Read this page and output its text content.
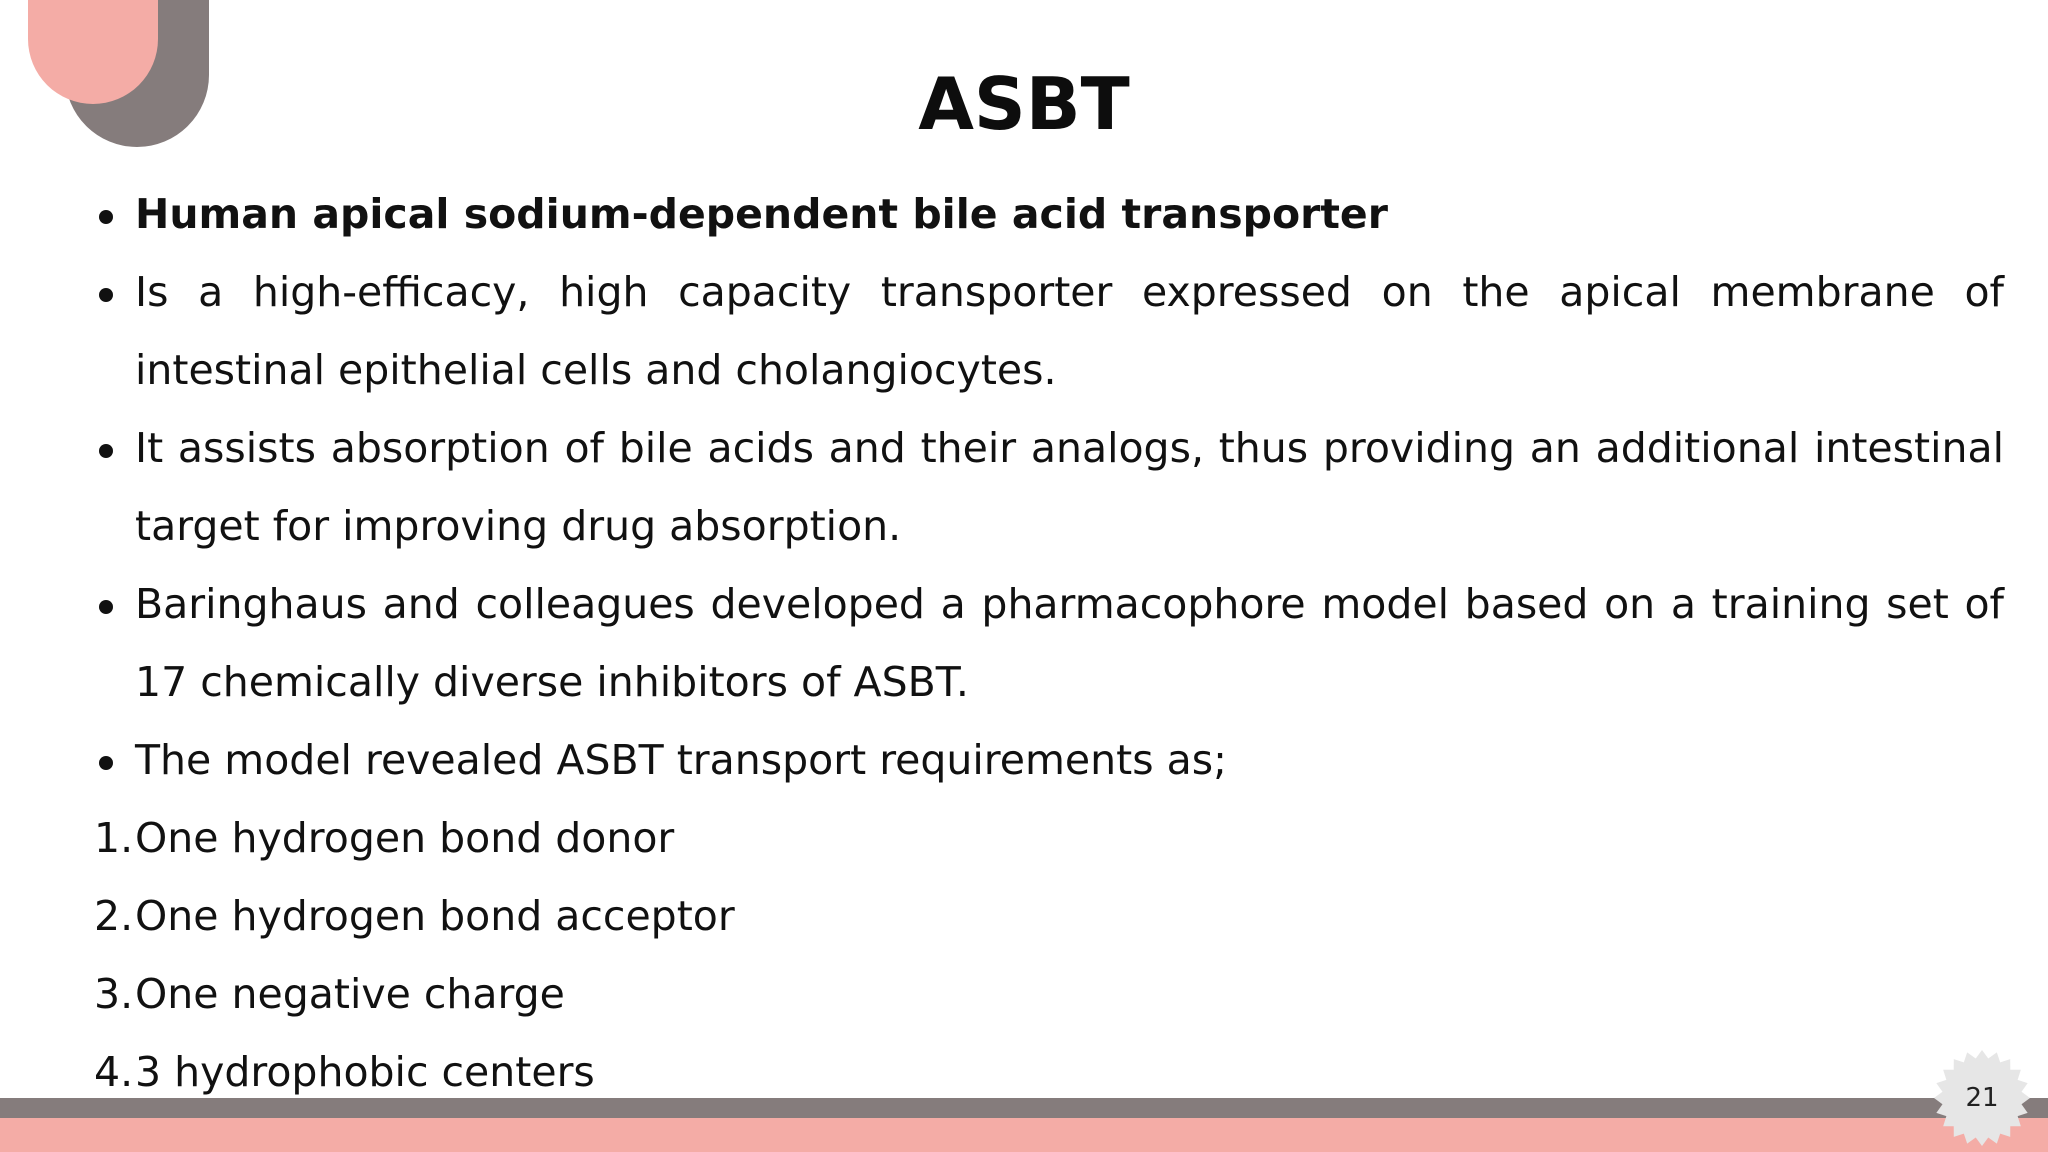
ASBT
Human apical sodium-dependent bile acid transporter
Is a high-efficacy, high capacity transporter expressed on the apical membrane of intestinal epithelial cells and cholangiocytes.
It assists absorption of bile acids and their analogs, thus providing an additional intestinal target for improving drug absorption.
Baringhaus and colleagues developed a pharmacophore model based on a training set of 17 chemically diverse inhibitors of ASBT.
The model revealed ASBT transport requirements as;
1. One hydrogen bond donor
2. One hydrogen bond acceptor
3. One negative charge
4. 3 hydrophobic centers
21
